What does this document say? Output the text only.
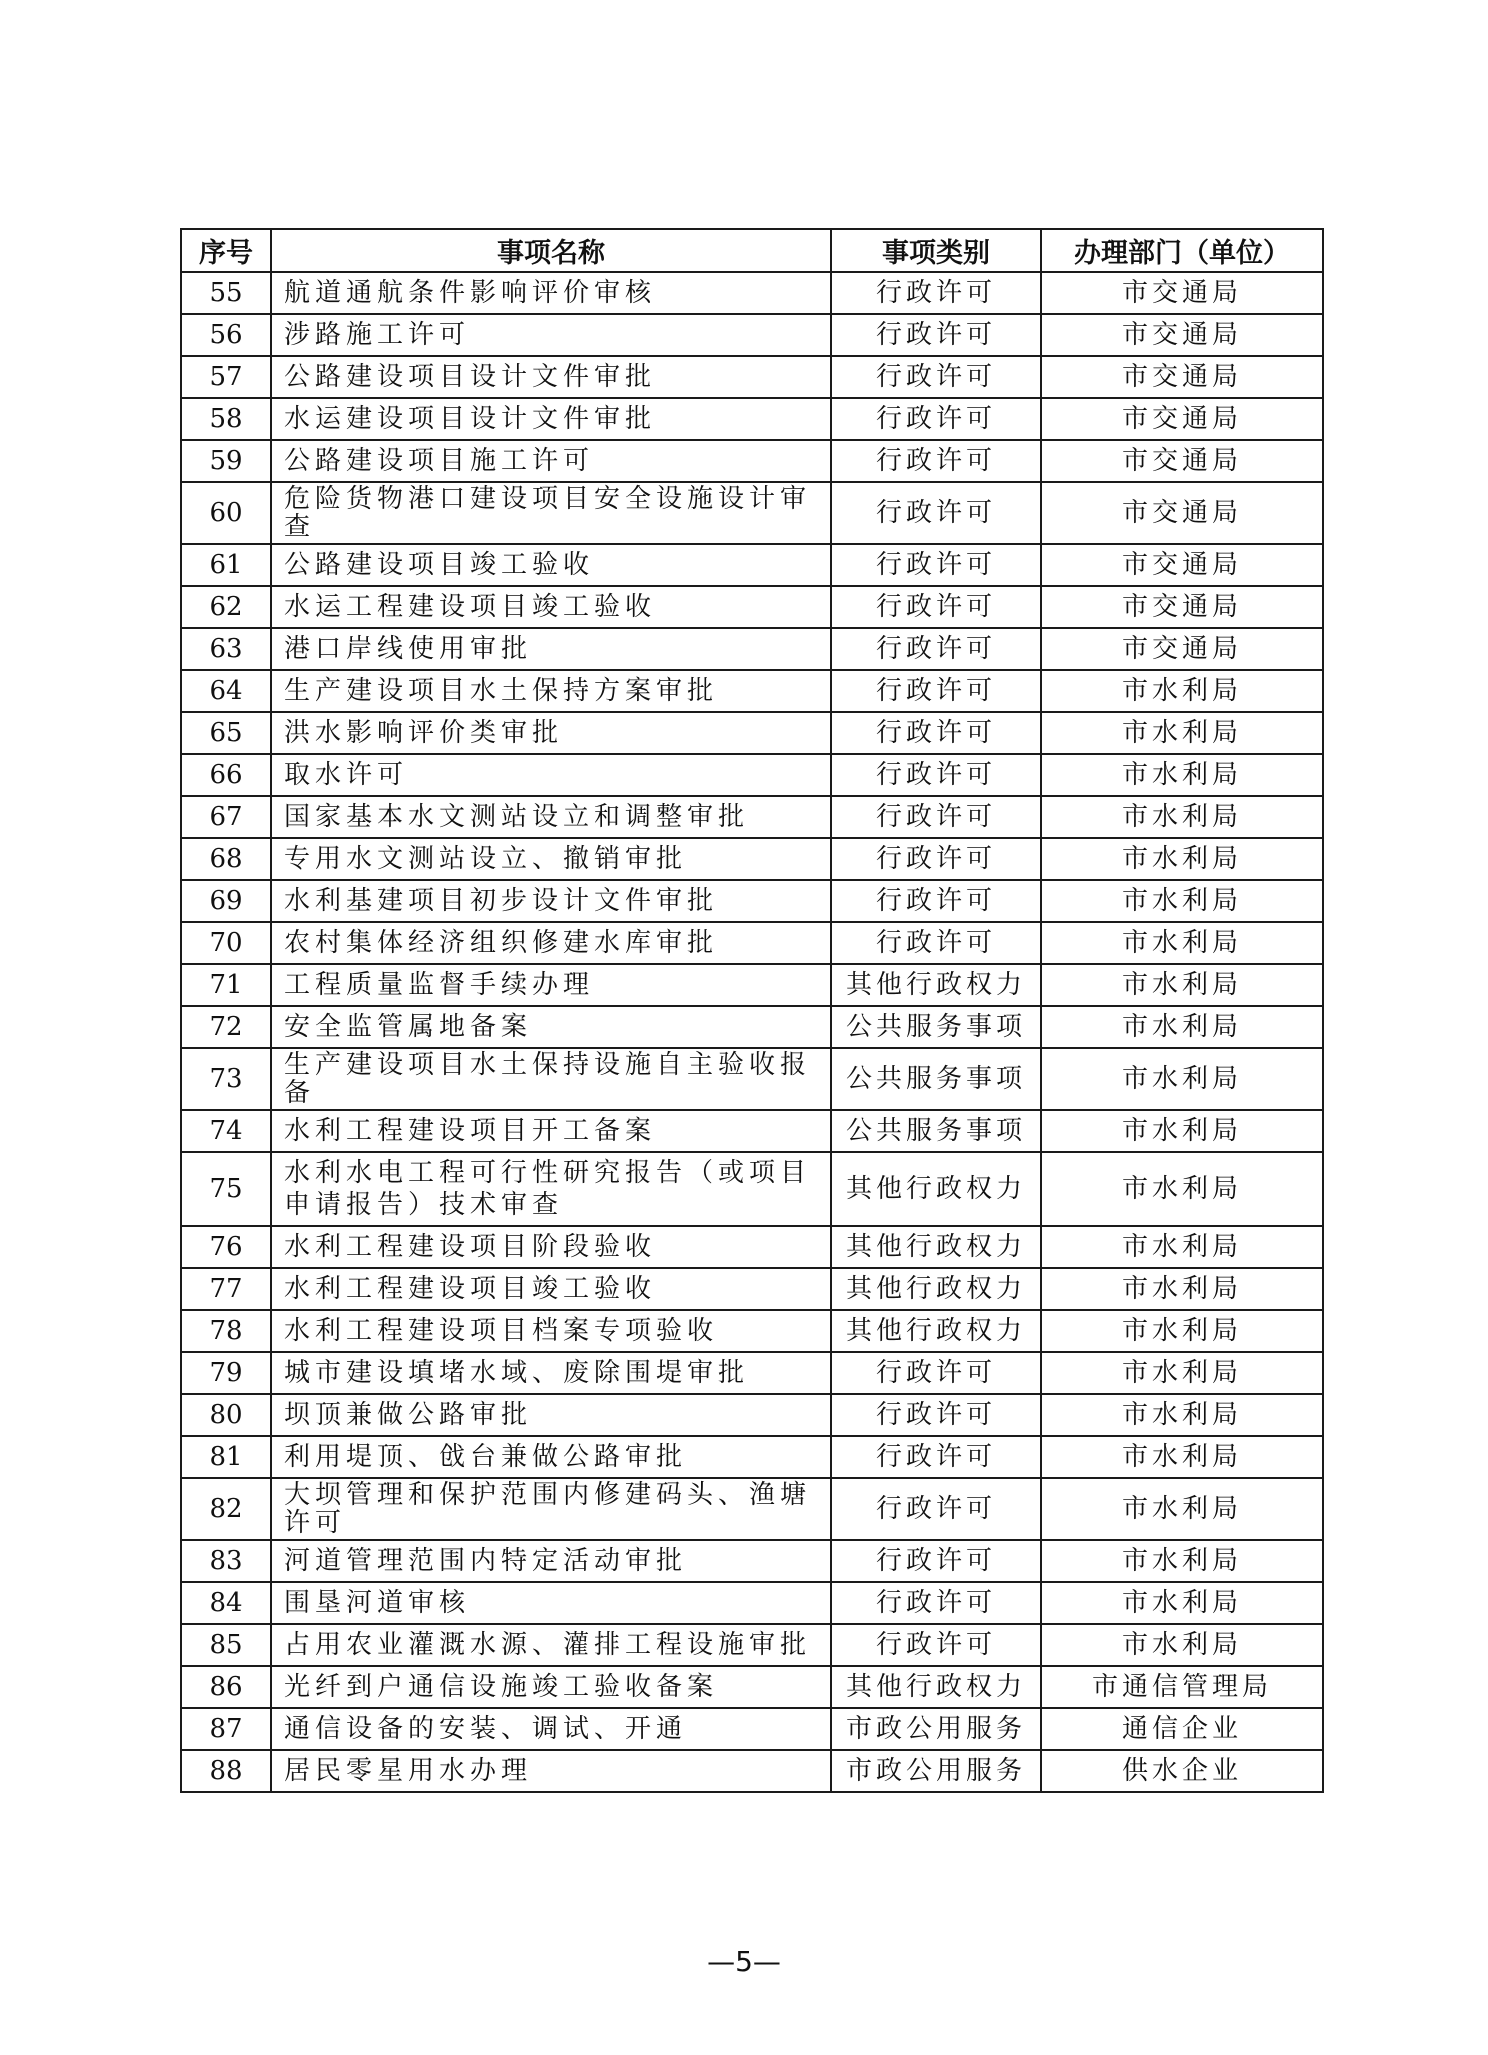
序号	事项名称	事项类别	办理部门（单位）
55	航道通航条件影响评价审核	行政许可	市交通局
56	涉路施工许可	行政许可	市交通局
57	公路建设项目设计文件审批	行政许可	市交通局
58	水运建设项目设计文件审批	行政许可	市交通局
59	公路建设项目施工许可	行政许可	市交通局
60	危险货物港口建设项目安全设施设计审查	行政许可	市交通局
61	公路建设项目竣工验收	行政许可	市交通局
62	水运工程建设项目竣工验收	行政许可	市交通局
63	港口岸线使用审批	行政许可	市交通局
64	生产建设项目水土保持方案审批	行政许可	市水利局
65	洪水影响评价类审批	行政许可	市水利局
66	取水许可	行政许可	市水利局
67	国家基本水文测站设立和调整审批	行政许可	市水利局
68	专用水文测站设立、撤销审批	行政许可	市水利局
69	水利基建项目初步设计文件审批	行政许可	市水利局
70	农村集体经济组织修建水库审批	行政许可	市水利局
71	工程质量监督手续办理	其他行政权力	市水利局
72	安全监管属地备案	公共服务事项	市水利局
73	生产建设项目水土保持设施自主验收报备	公共服务事项	市水利局
74	水利工程建设项目开工备案	公共服务事项	市水利局
75	水利水电工程可行性研究报告（或项目申请报告）技术审查	其他行政权力	市水利局
76	水利工程建设项目阶段验收	其他行政权力	市水利局
77	水利工程建设项目竣工验收	其他行政权力	市水利局
78	水利工程建设项目档案专项验收	其他行政权力	市水利局
79	城市建设填堵水域、废除围堤审批	行政许可	市水利局
80	坝顶兼做公路审批	行政许可	市水利局
81	利用堤顶、戗台兼做公路审批	行政许可	市水利局
82	大坝管理和保护范围内修建码头、渔塘许可	行政许可	市水利局
83	河道管理范围内特定活动审批	行政许可	市水利局
84	围垦河道审核	行政许可	市水利局
85	占用农业灌溉水源、灌排工程设施审批	行政许可	市水利局
86	光纤到户通信设施竣工验收备案	其他行政权力	市通信管理局
87	通信设备的安装、调试、开通	市政公用服务	通信企业
88	居民零星用水办理	市政公用服务	供水企业
—5—
